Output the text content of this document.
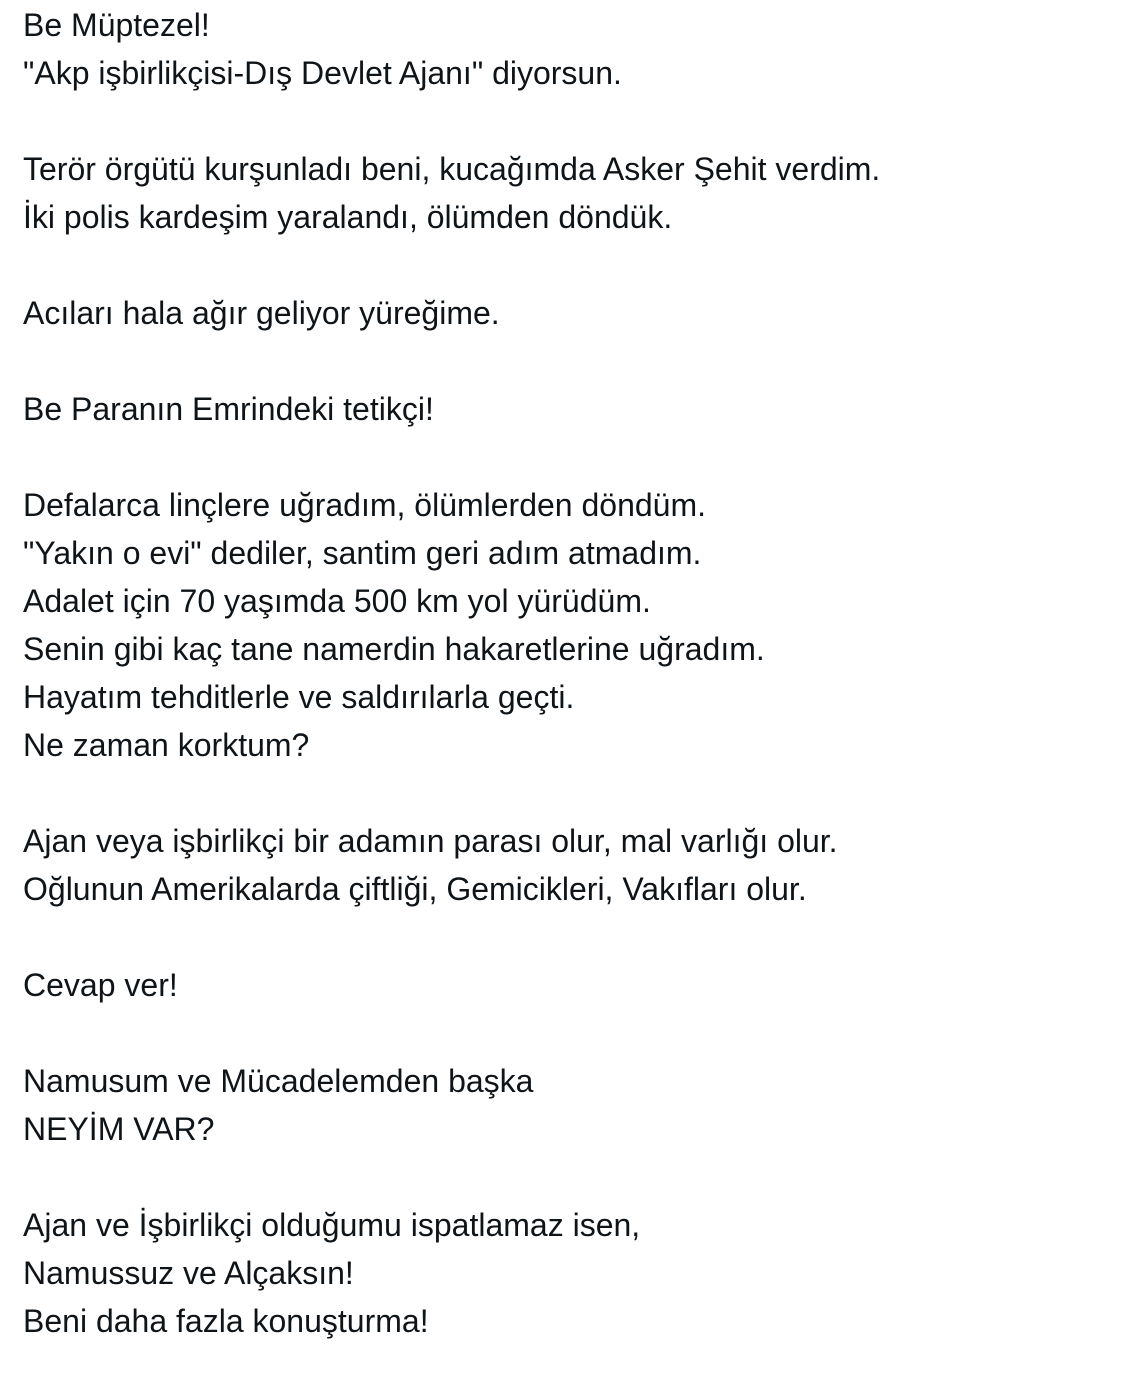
Be Müptezel!
"Akp işbirlikçisi-Dış Devlet Ajanı" diyorsun.
Terör örgütü kurşunladı beni, kucağımda Asker Şehit verdim.
İki polis kardeşim yaralandı, ölümden döndük.
Acıları hala ağır geliyor yüreğime.
Be Paranın Emrindeki tetikçi!
Defalarca linçlere uğradım, ölümlerden döndüm.
"Yakın o evi" dediler, santim geri adım atmadım.
Adalet için 70 yaşımda 500 km yol yürüdüm.
Senin gibi kaç tane namerdin hakaretlerine uğradım.
Hayatım tehditlerle ve saldırılarla geçti.
Ne zaman korktum?
Ajan veya işbirlikçi bir adamın parası olur, mal varlığı olur.
Oğlunun Amerikalarda çiftliği, Gemicikleri, Vakıfları olur.
Cevap ver!
Namusum ve Mücadelemden başka
NEYİM VAR?
Ajan ve İşbirlikçi olduğumu ispatlamaz isen,
Namussuz ve Alçaksın!
Beni daha fazla konuşturma!
